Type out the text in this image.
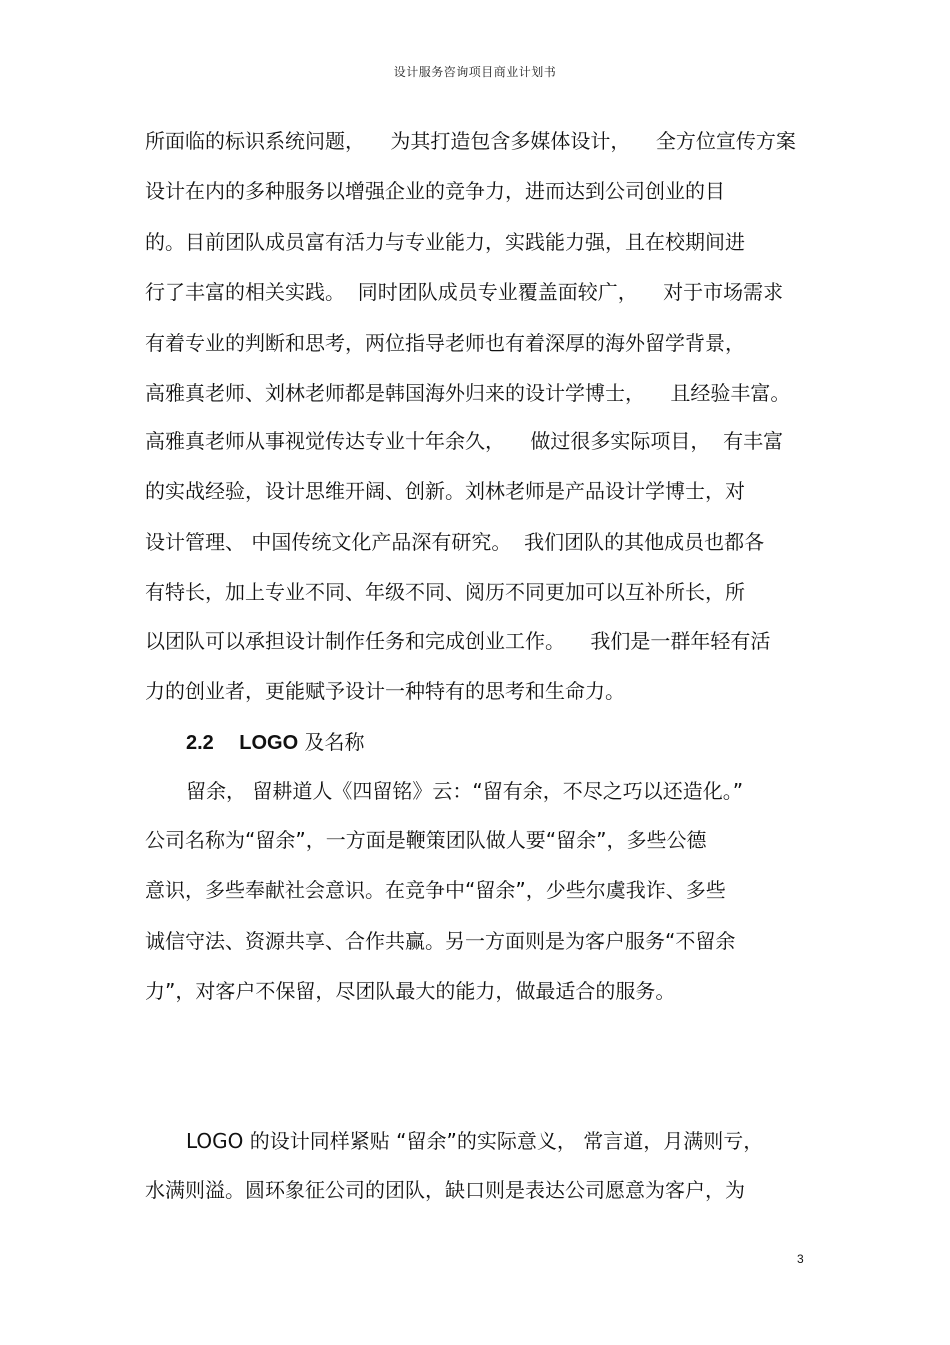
设计服务咨询项目商业计划书
所面临的标识系统问题，    为其打造包含多媒体设计，    全方位宣传方案
设计在内的多种服务以增强企业的竞争力，进而达到公司创业的目
的。目前团队成员富有活力与专业能力，实践能力强，且在校期间进
行了丰富的相关实践。  同时团队成员专业覆盖面较广，    对于市场需求
有着专业的判断和思考，两位指导老师也有着深厚的海外留学背景，
高雅真老师、刘林老师都是韩国海外归来的设计学博士，    且经验丰富。
高雅真老师从事视觉传达专业十年余久，    做过很多实际项目，  有丰富
的实战经验，设计思维开阔、创新。刘林老师是产品设计学博士，对
设计管理、 中国传统文化产品深有研究。  我们团队的其他成员也都各
有特长，加上专业不同、年级不同、阅历不同更加可以互补所长，所
以团队可以承担设计制作任务和完成创业工作。    我们是一群年轻有活
力的创业者，更能赋予设计一种特有的思考和生命力。
2.2 LOGO 及名称
留余， 留耕道人《四留铭》云：“留有余，不尽之巧以还造化。”
公司名称为“留余”，一方面是鞭策团队做人要“留余”，多些公德
意识，多些奉献社会意识。在竞争中“留余”，少些尔虞我诈、多些
诚信守法、资源共享、合作共赢。另一方面则是为客户服务“不留余
力”，对客户不保留，尽团队最大的能力，做最适合的服务。
LOGO 的设计同样紧贴 “留余”的实际意义， 常言道，月满则亏，
水满则溢。圆环象征公司的团队，缺口则是表达公司愿意为客户，为
3
